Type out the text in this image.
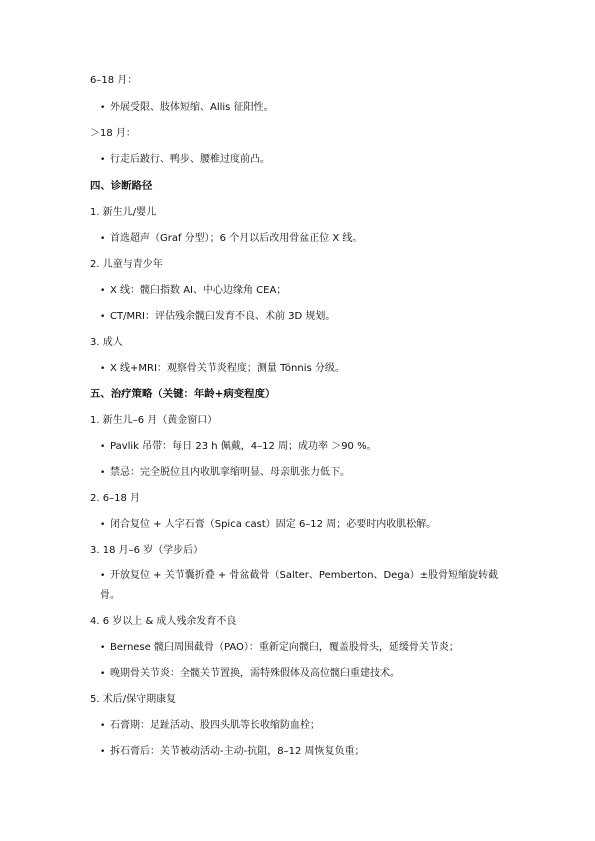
6–18 月：
• 外展受限、肢体短缩、Allis 征阳性。
＞18 月：
• 行走后跛行、鸭步、腰椎过度前凸。
四、诊断路径
1. 新生儿/婴儿
• 首选超声（Graf 分型）；6 个月以后改用骨盆正位 X 线。
2. 儿童与青少年
• X 线：髋臼指数 AI、中心边缘角 CEA；
• CT/MRI：评估残余髋臼发育不良、术前 3D 规划。
3. 成人
• X 线+MRI：观察骨关节炎程度；测量 Tönnis 分级。
五、治疗策略（关键：年龄+病变程度）
1. 新生儿–6 月（黄金窗口）
• Pavlik 吊带：每日 23 h 佩戴，4–12 周；成功率 ＞90 %。
• 禁忌：完全脱位且内收肌挛缩明显、母亲肌张力低下。
2. 6–18 月
• 闭合复位 + 人字石膏（Spica cast）固定 6–12 周；必要时内收肌松解。
3. 18 月–6 岁（学步后）
• 开放复位 + 关节囊折叠 + 骨盆截骨（Salter、Pemberton、Dega）±股骨短缩旋转截骨。
4. 6 岁以上 & 成人残余发育不良
• Bernese 髋臼周围截骨（PAO）：重新定向髋臼，覆盖股骨头，延缓骨关节炎；
• 晚期骨关节炎：全髋关节置换，需特殊假体及高位髋臼重建技术。
5. 术后/保守期康复
• 石膏期：足趾活动、股四头肌等长收缩防血栓；
• 拆石膏后：关节被动活动-主动-抗阻，8–12 周恢复负重；
